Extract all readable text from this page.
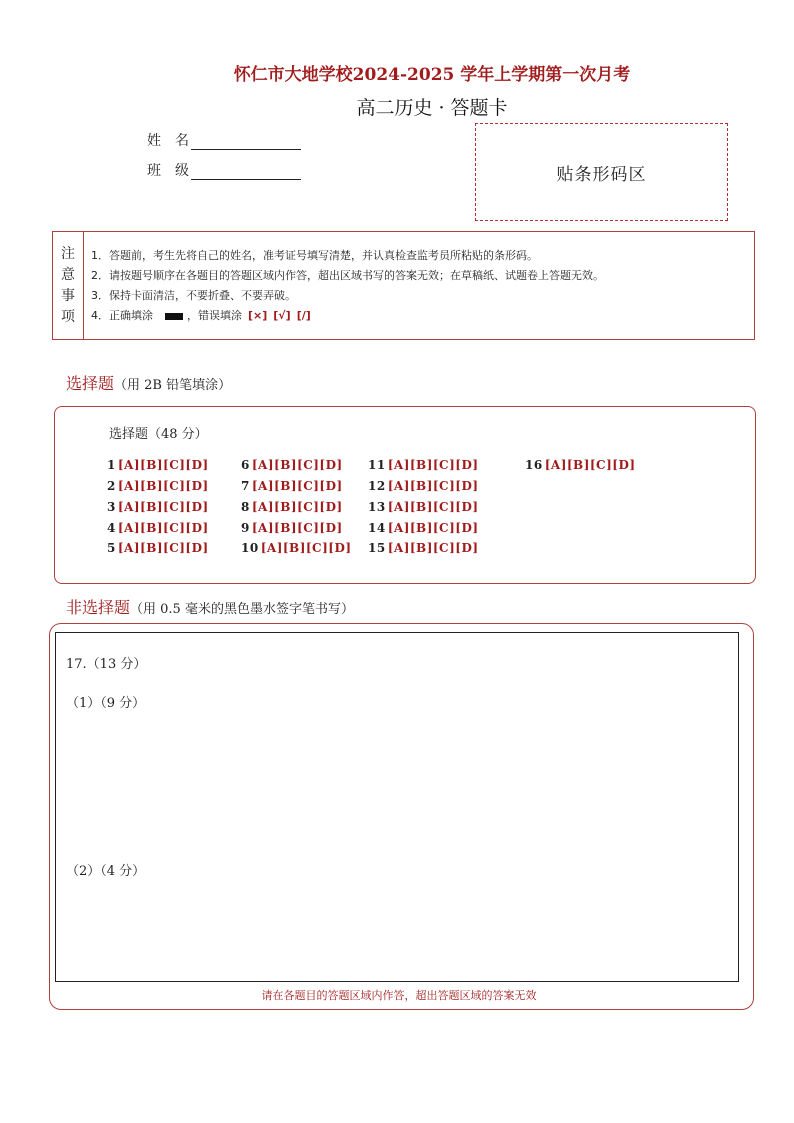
怀仁市大地学校2024-2025 学年上学期第一次月考
高二历史 · 答题卡
姓　名
班　级	贴条形码区
注
意
事
项
1．答题前，考生先将自己的姓名，准考证号填写清楚，并认真检查监考员所粘贴的条形码。
2．请按题号顺序在各题目的答题区域内作答，超出区域书写的答案无效；在草稿纸、试题卷上答题无效。
3．保持卡面清洁，不要折叠、不要弄破。
4．正确填涂	，错误填涂 [×] [√] [/]
选择题（用 2B 铅笔填涂）
选择题（48 分）
1 [A][B][C][D]
2 [A][B][C][D]
3 [A][B][C][D]
4 [A][B][C][D]
5 [A][B][C][D]
6 [A][B][C][D]
7 [A][B][C][D]
8 [A][B][C][D]
9 [A][B][C][D]
10 [A][B][C][D]
11 [A][B][C][D]
12 [A][B][C][D]
13 [A][B][C][D]
14 [A][B][C][D]
15 [A][B][C][D]
16 [A][B][C][D]
非选择题（用 0.5 毫米的黑色墨水签字笔书写）
17.（13 分）
（1）（9 分）
（2）（4 分）
请在各题目的答题区域内作答，超出答题区域的答案无效
